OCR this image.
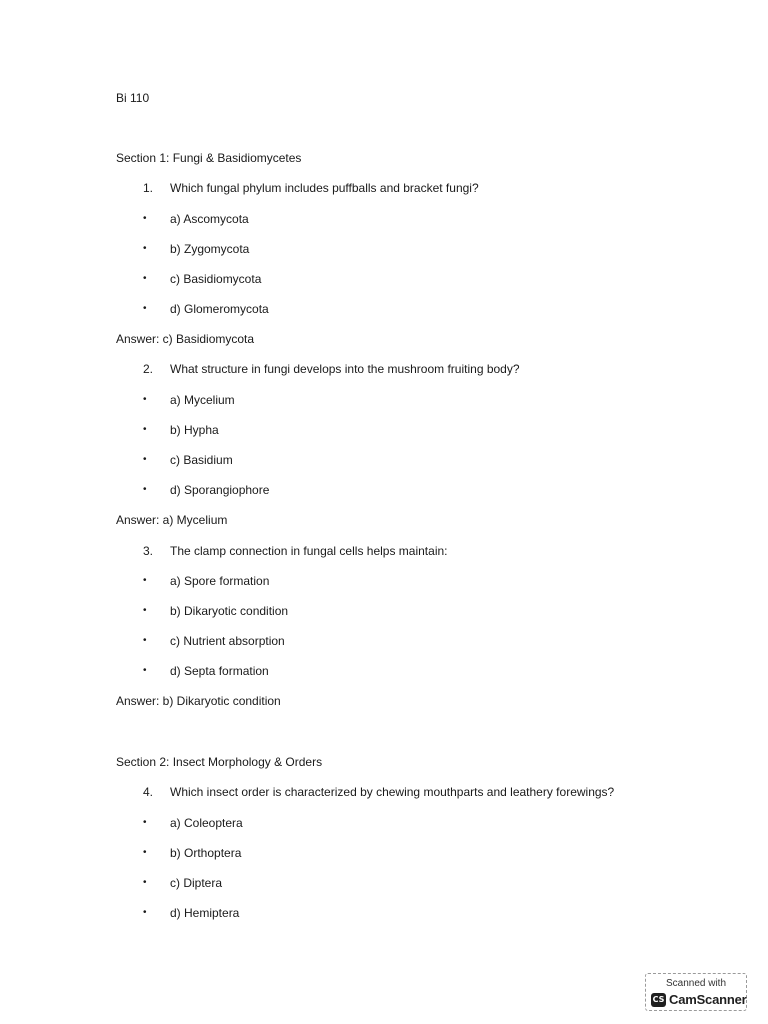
Bi 110
Section 1: Fungi & Basidiomycetes
1. Which fungal phylum includes puffballs and bracket fungi?
• a) Ascomycota
• b) Zygomycota
• c) Basidiomycota
• d) Glomeromycota
Answer: c) Basidiomycota
2. What structure in fungi develops into the mushroom fruiting body?
• a) Mycelium
• b) Hypha
• c) Basidium
• d) Sporangiophore
Answer: a) Mycelium
3. The clamp connection in fungal cells helps maintain:
• a) Spore formation
• b) Dikaryotic condition
• c) Nutrient absorption
• d) Septa formation
Answer: b) Dikaryotic condition
Section 2: Insect Morphology & Orders
4. Which insect order is characterized by chewing mouthparts and leathery forewings?
• a) Coleoptera
• b) Orthoptera
• c) Diptera
• d) Hemiptera
Scanned with
CS CamScanner
